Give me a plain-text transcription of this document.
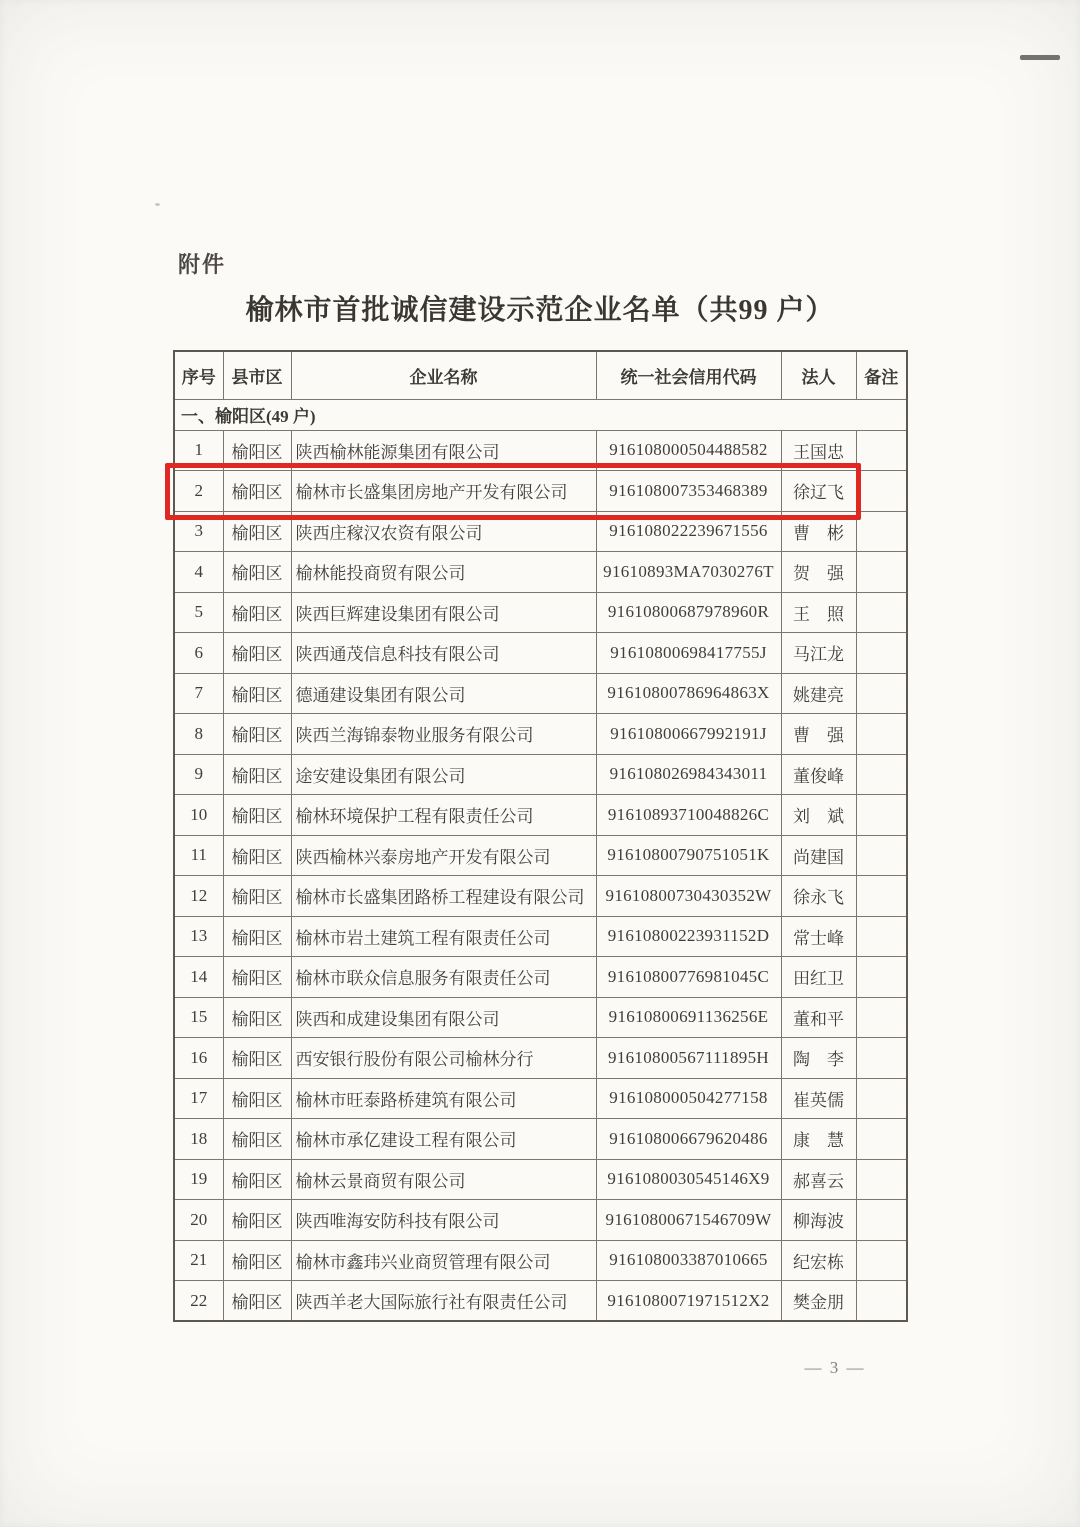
附件
榆林市首批诚信建设示范企业名单（共99 户）
序号	县市区	企业名称	统一社会信用代码	法人	备注
一、榆阳区(49 户)					
1	榆阳区	陕西榆林能源集团有限公司	916108000504488582	王国忠	
2	榆阳区	榆林市长盛集团房地产开发有限公司	916108007353468389	徐辽飞	
3	榆阳区	陕西庄稼汉农资有限公司	916108022239671556	曹　彬	
4	榆阳区	榆林能投商贸有限公司	91610893MA7030276T	贺　强	
5	榆阳区	陕西巨辉建设集团有限公司	91610800687978960R	王　照	
6	榆阳区	陕西通茂信息科技有限公司	91610800698417755J	马江龙	
7	榆阳区	德通建设集团有限公司	91610800786964863X	姚建亮	
8	榆阳区	陕西兰海锦泰物业服务有限公司	91610800667992191J	曹　强	
9	榆阳区	途安建设集团有限公司	916108026984343011	董俊峰	
10	榆阳区	榆林环境保护工程有限责任公司	91610893710048826C	刘　斌	
11	榆阳区	陕西榆林兴泰房地产开发有限公司	91610800790751051K	尚建国	
12	榆阳区	榆林市长盛集团路桥工程建设有限公司	91610800730430352W	徐永飞	
13	榆阳区	榆林市岩土建筑工程有限责任公司	91610800223931152D	常士峰	
14	榆阳区	榆林市联众信息服务有限责任公司	91610800776981045C	田红卫	
15	榆阳区	陕西和成建设集团有限公司	91610800691136256E	董和平	
16	榆阳区	西安银行股份有限公司榆林分行	91610800567111895H	陶　李	
17	榆阳区	榆林市旺泰路桥建筑有限公司	916108000504277158	崔英儒	
18	榆阳区	榆林市承亿建设工程有限公司	916108006679620486	康　慧	
19	榆阳区	榆林云景商贸有限公司	9161080030545146X9	郝喜云	
20	榆阳区	陕西唯海安防科技有限公司	91610800671546709W	柳海波	
21	榆阳区	榆林市鑫玮兴业商贸管理有限公司	916108003387010665	纪宏栋	
22	榆阳区	陕西羊老大国际旅行社有限责任公司	9161080071971512X2	樊金朋	
— 3 —
